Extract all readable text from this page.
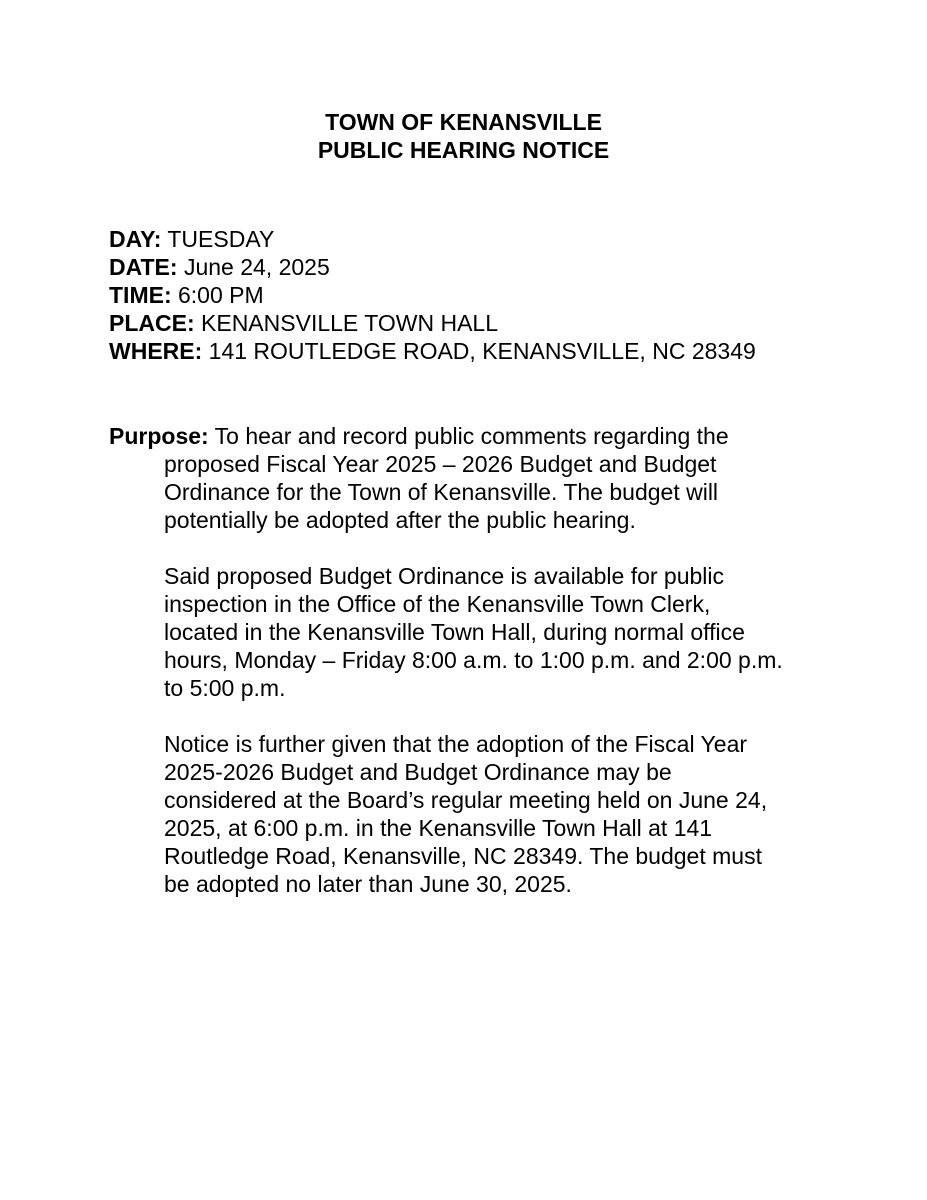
TOWN OF KENANSVILLE
PUBLIC HEARING NOTICE
DAY: TUESDAY
DATE: June 24, 2025
TIME: 6:00 PM
PLACE: KENANSVILLE TOWN HALL
WHERE: 141 ROUTLEDGE ROAD, KENANSVILLE, NC 28349
Purpose: To hear and record public comments regarding the
proposed Fiscal Year 2025 – 2026 Budget and Budget
Ordinance for the Town of Kenansville. The budget will
potentially be adopted after the public hearing.
Said proposed Budget Ordinance is available for public
inspection in the Office of the Kenansville Town Clerk,
located in the Kenansville Town Hall, during normal office
hours, Monday – Friday 8:00 a.m. to 1:00 p.m. and 2:00 p.m.
to 5:00 p.m.
Notice is further given that the adoption of the Fiscal Year
2025-2026 Budget and Budget Ordinance may be
considered at the Board’s regular meeting held on June 24,
2025, at 6:00 p.m. in the Kenansville Town Hall at 141
Routledge Road, Kenansville, NC 28349. The budget must
be adopted no later than June 30, 2025.
